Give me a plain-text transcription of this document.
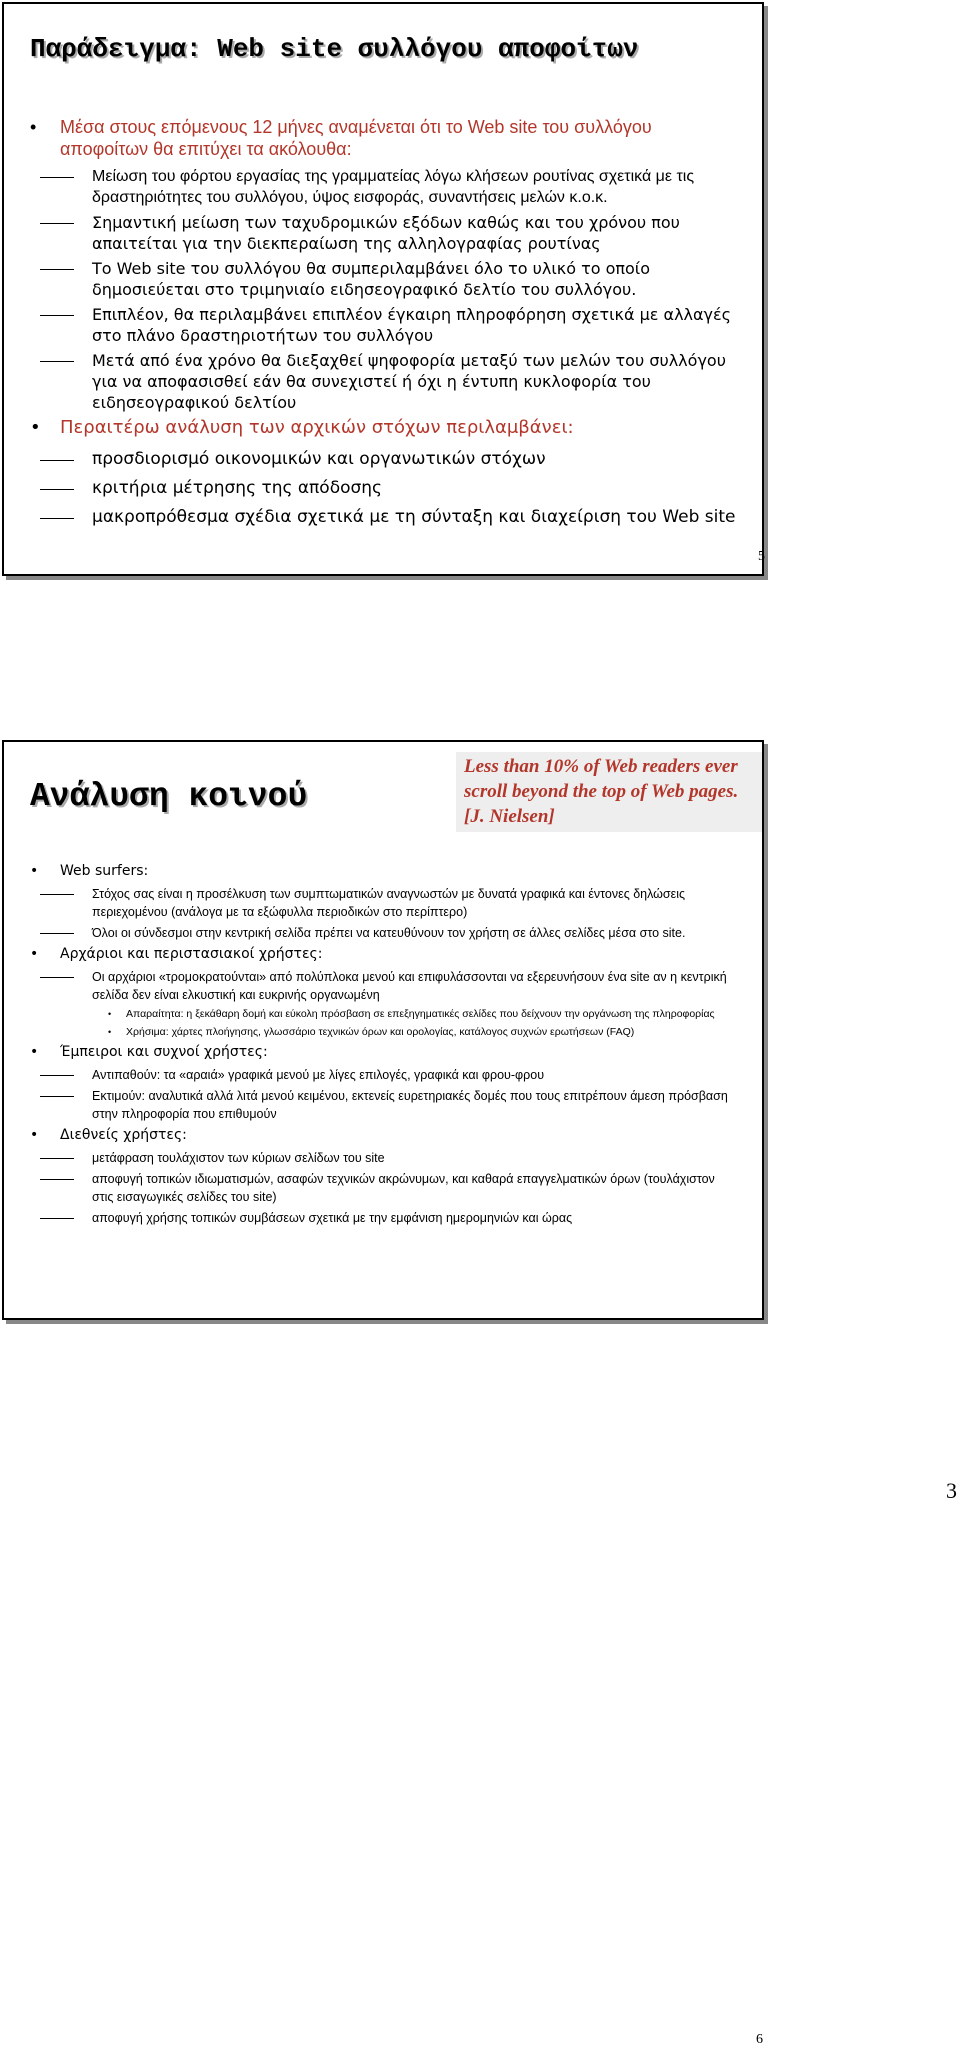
Παράδειγμα: Web site συλλόγου αποφοίτων
• Μέσα στους επόμενους 12 μήνες αναμένεται ότι το Web site του συλλόγου αποφοίτων θα επιτύχει τα ακόλουθα:
Μείωση του φόρτου εργασίας της γραμματείας λόγω κλήσεων ρουτίνας σχετικά με τις δραστηριότητες του συλλόγου, ύψος εισφοράς, συναντήσεις μελών κ.ο.κ.
Σημαντική μείωση των ταχυδρομικών εξόδων καθώς και του χρόνου που απαιτείται για την διεκπεραίωση της αλληλογραφίας ρουτίνας
Το Web site του συλλόγου θα συμπεριλαμβάνει όλο το υλικό το οποίο δημοσιεύεται στο τριμηνιαίο ειδησεογραφικό δελτίο του συλλόγου.
Επιπλέον, θα περιλαμβάνει επιπλέον έγκαιρη πληροφόρηση σχετικά με αλλαγές στο πλάνο δραστηριοτήτων του συλλόγου
Μετά από ένα χρόνο θα διεξαχθεί ψηφοφορία μεταξύ των μελών του συλλόγου για να αποφασισθεί εάν θα συνεχιστεί ή όχι η έντυπη κυκλοφορία του ειδησεογραφικού δελτίου
• Περαιτέρω ανάλυση των αρχικών στόχων περιλαμβάνει:
προσδιορισμό οικονομικών και οργανωτικών στόχων
κριτήρια μέτρησης της απόδοσης
μακροπρόθεσμα σχέδια σχετικά με τη σύνταξη και διαχείριση του Web site
5
Ανάλυση κοινού
Less than 10% of Web readers ever scroll beyond the top of Web pages. [J. Nielsen]
• Web surfers:
Στόχος σας είναι η προσέλκυση των συμπτωματικών αναγνωστών με δυνατά γραφικά και έντονες δηλώσεις περιεχομένου (ανάλογα με τα εξώφυλλα περιοδικών στο περίπτερο)
Όλοι οι σύνδεσμοι στην κεντρική σελίδα πρέπει να κατευθύνουν τον χρήστη σε άλλες σελίδες μέσα στο site.
• Αρχάριοι και περιστασιακοί χρήστες:
Οι αρχάριοι «τρομοκρατούνται» από πολύπλοκα μενού και επιφυλάσσονται να εξερευνήσουν ένα site αν η κεντρική σελίδα δεν είναι ελκυστική και ευκρινής οργανωμένη
• Απαραίτητα: η ξεκάθαρη δομή και εύκολη πρόσβαση σε επεξηγηματικές σελίδες που δείχνουν την οργάνωση της πληροφορίας
• Χρήσιμα: χάρτες πλοήγησης, γλωσσάριο τεχνικών όρων και ορολογίας, κατάλογος συχνών ερωτήσεων (FAQ)
• Έμπειροι και συχνοί χρήστες:
Αντιπαθούν: τα «αραιά» γραφικά μενού με λίγες επιλογές, γραφικά και φρου-φρου
Εκτιμούν: αναλυτικά αλλά λιτά μενού κειμένου, εκτενείς ευρετηριακές δομές που τους επιτρέπουν άμεση πρόσβαση στην πληροφορία που επιθυμούν
• Διεθνείς χρήστες:
μετάφραση τουλάχιστον των κύριων σελίδων του site
αποφυγή τοπικών ιδιωματισμών, ασαφών τεχνικών ακρώνυμων, και καθαρά επαγγελματικών όρων (τουλάχιστον στις εισαγωγικές σελίδες του site)
αποφυγή χρήσης τοπικών συμβάσεων σχετικά με την εμφάνιση ημερομηνιών και ώρας
6
3
